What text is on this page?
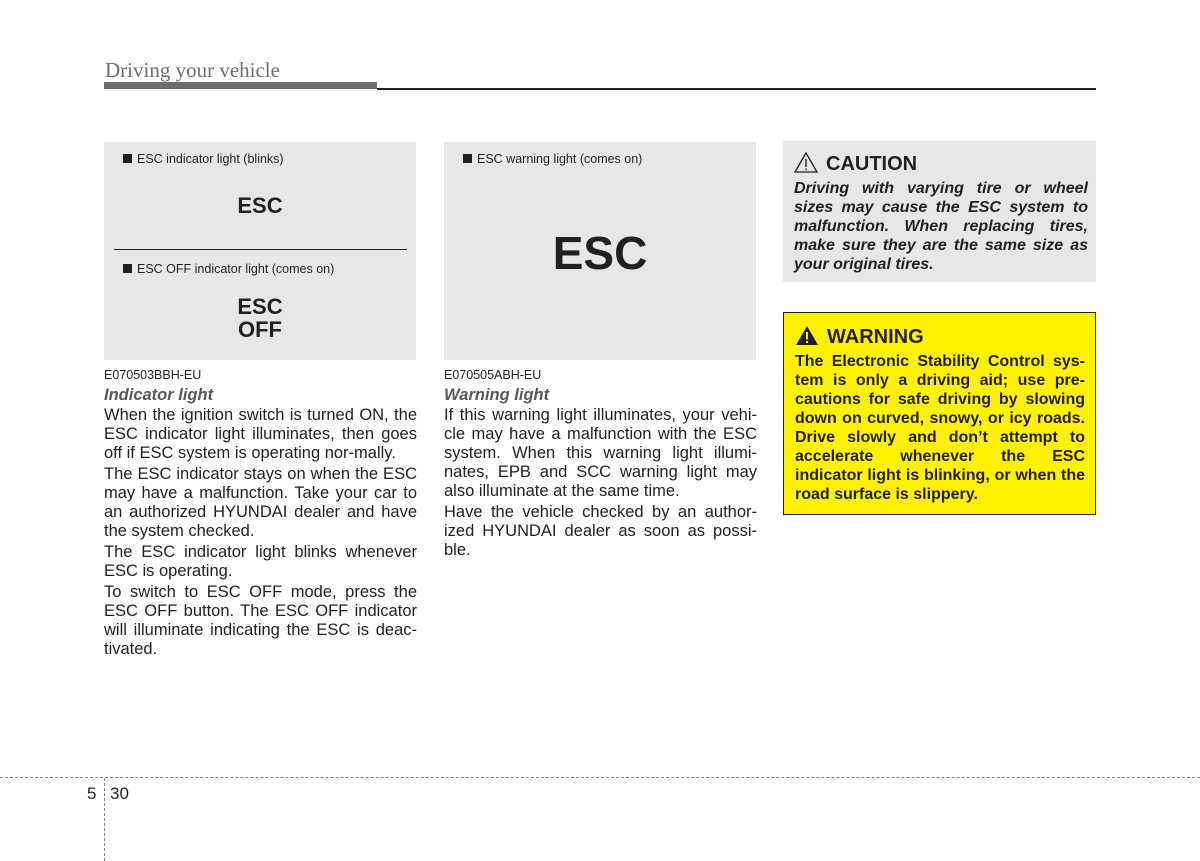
Driving your vehicle
ESC indicator light (blinks)
ESC
ESC OFF indicator light (comes on)
ESC
OFF
E070503BBH-EU
ESC warning light (comes on)
ESC
E070505ABH-EU
Indicator light

When the ignition switch is turned ON, the ESC indicator light illuminates, then goes off if ESC system is operating nor-mally.

The ESC indicator stays on when the ESC may have a malfunction. Take your car to an authorized HYUNDAI dealer and have the system checked.

The ESC indicator light blinks whenever ESC is operating.

To switch to ESC OFF mode, press the ESC OFF button. The ESC OFF indicator will illuminate indicating the ESC is deac-tivated.

Warning light

If this warning light illuminates, your vehi-cle may have a malfunction with the ESC system. When this warning light illumi-nates, EPB and SCC warning light may also illuminate at the same time.

Have the vehicle checked by an author-ized HYUNDAI dealer as soon as possi-ble.

CAUTION
Driving with varying tire or wheel sizes may cause the ESC system to malfunction. When replacing tires, make sure they are the same size as your original tires.
WARNING
The Electronic Stability Control sys-tem is only a driving aid; use pre-cautions for safe driving by slowing down on curved, snowy, or icy roads. Drive slowly and don’t attempt to accelerate whenever the ESC indicator light is blinking, or when the road surface is slippery.
5 30
